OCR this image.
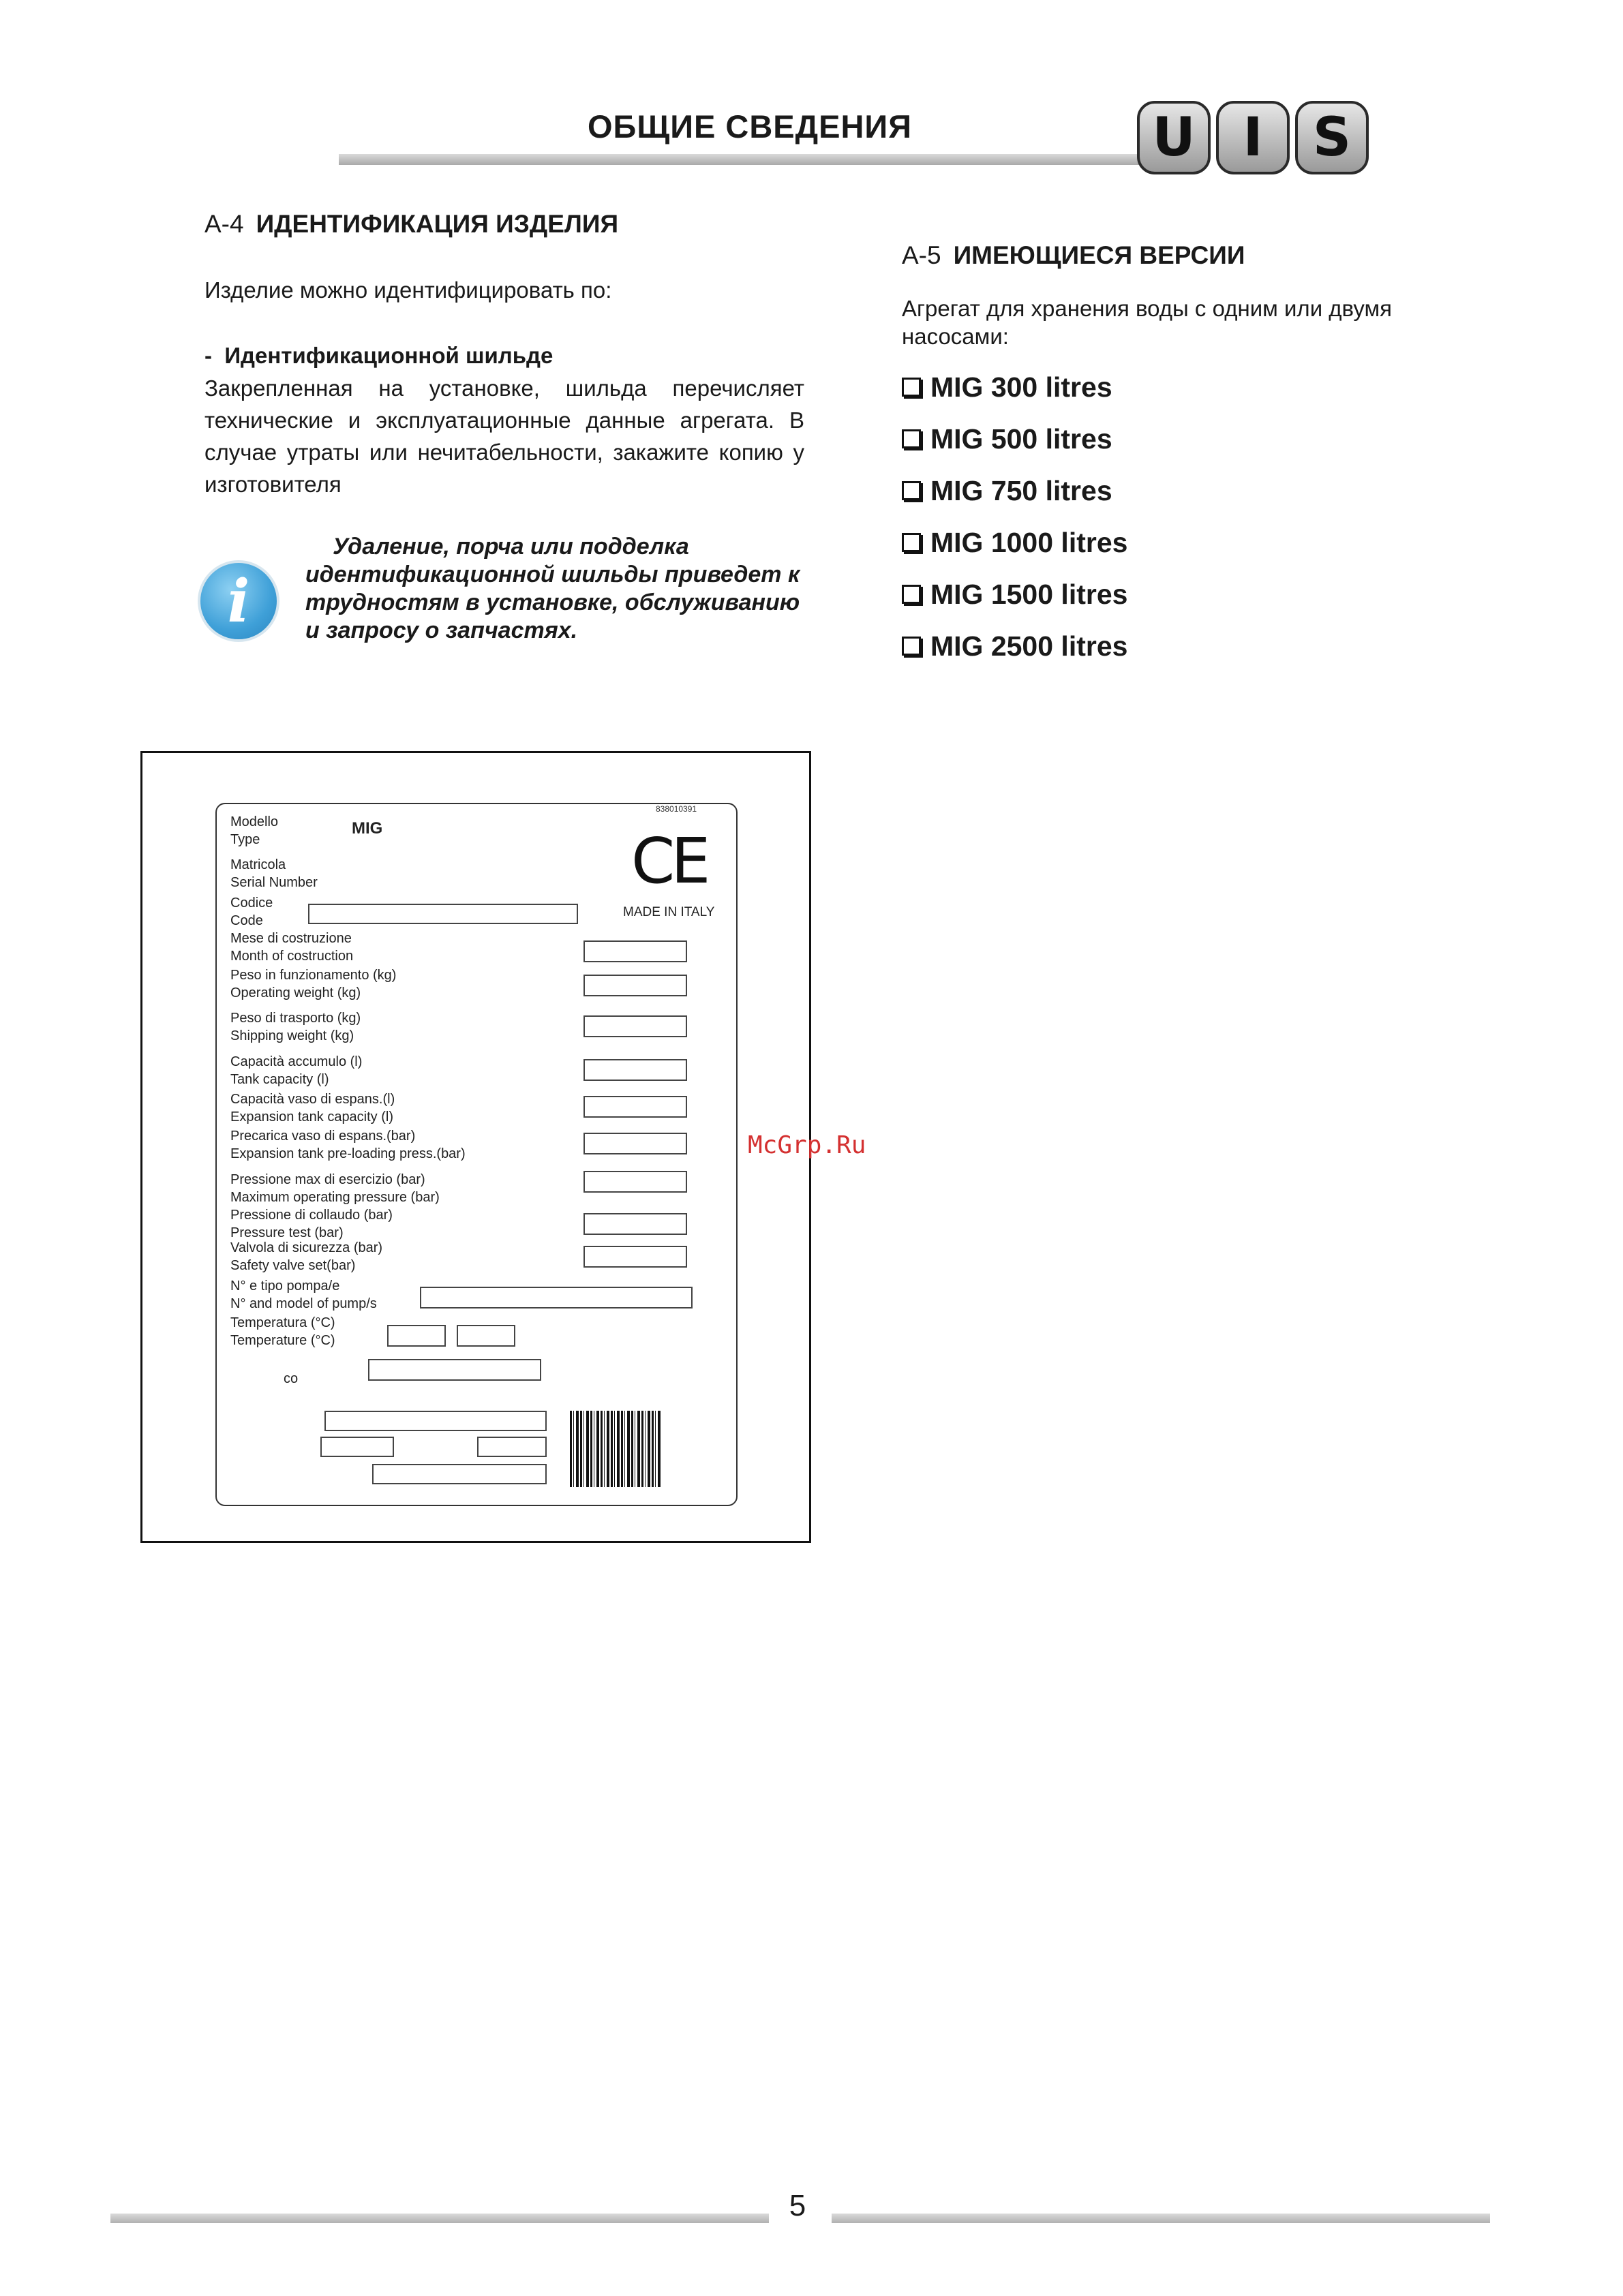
ОБЩИЕ СВЕДЕНИЯ	U I S
A-4 ИДЕНТИФИКАЦИЯ ИЗДЕЛИЯ
Изделие можно идентифицировать по:
-  Идентификационной шильде
Закрепленная на установке, шильда перечисляет технические и эксплуатационные данные агрегата. В случае утраты или нечитабельности, закажите копию у изготовителя
i
Удаление, порча или подделка идентификационной шильды приведет к трудностям в установке, обслуживанию и запросу о запчастях.
A-5 ИМЕЮЩИЕСЯ ВЕРСИИ
Агрегат для хранения воды с одним или двумя насосами:
MIG 300 litres
MIG 500 litres
MIG 750 litres
MIG 1000 litres
MIG 1500 litres
MIG 2500 litres
838010391
Modello
Type
MIG
Matricola
Serial Number
Codice
Code
CE
MADE IN ITALY
Mese di costruzione
Month of costruction
Peso in funzionamento (kg)
Operating weight (kg)
Peso di trasporto (kg)
Shipping weight (kg)
Capacità accumulo (l)
Tank capacity (l)
Capacità vaso di espans.(l)
Expansion tank capacity (l)
Precarica vaso di espans.(bar)
Expansion tank pre-loading press.(bar)
Pressione max di esercizio (bar)
Maximum operating pressure (bar)
Pressione di collaudo (bar)
Pressure test (bar)
Valvola di sicurezza (bar)
Safety valve set(bar)
N° e tipo pompa/e
N° and model of pump/s
Temperatura (°C)
Temperature (°C)
co
McGrp.Ru
5
